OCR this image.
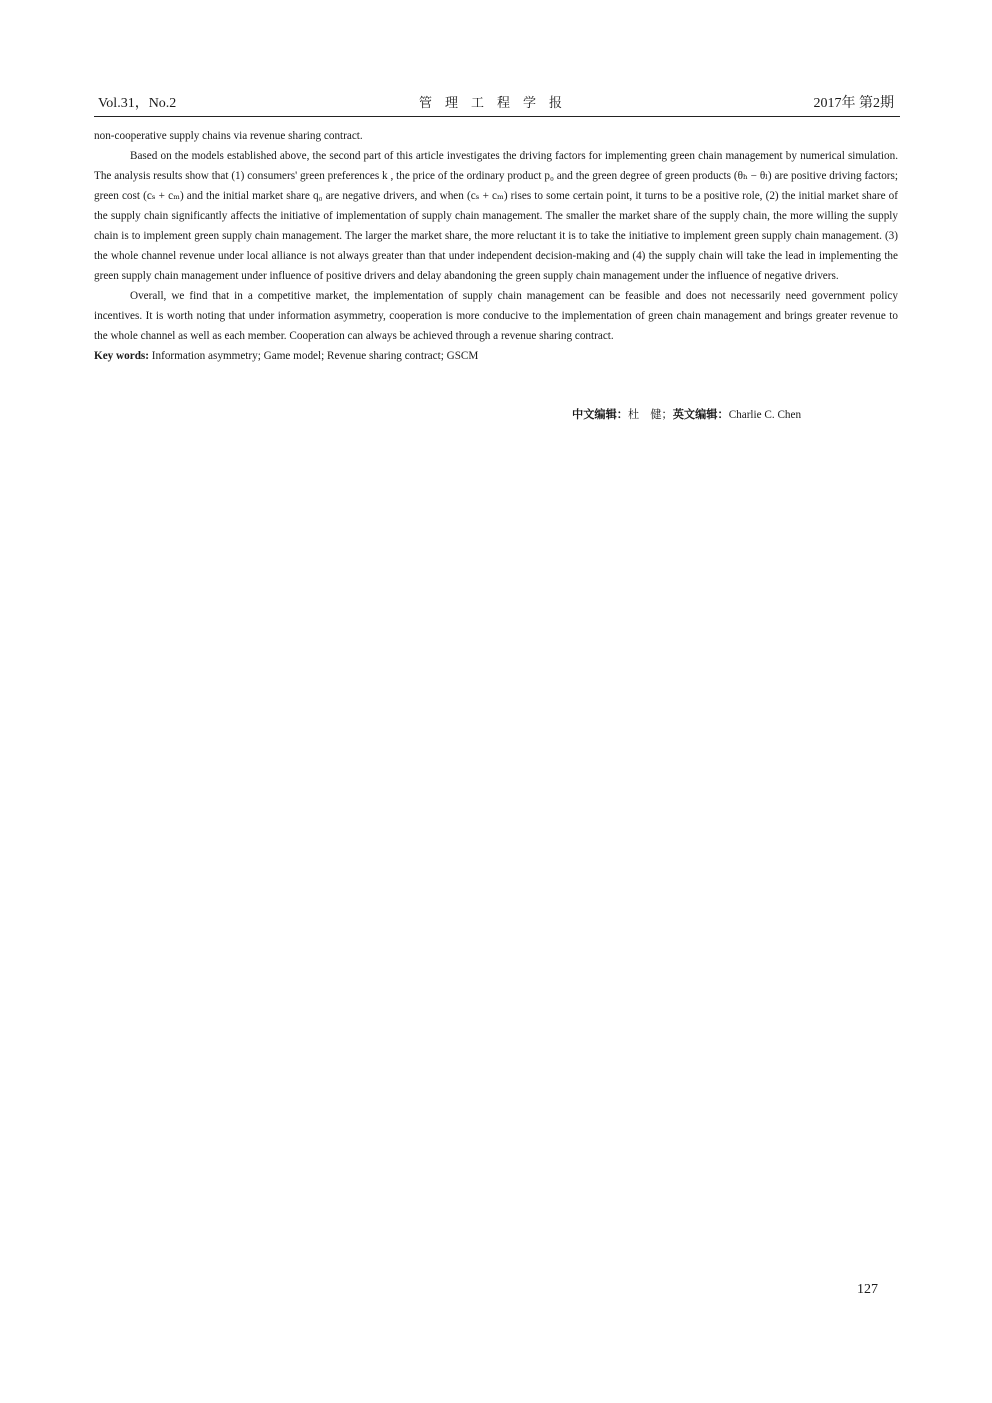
Vol.31，No.2	管理工程学报	2017年 第2期

non-cooperative supply chains via revenue sharing contract.

Based on the models established above, the second part of this article investigates the driving factors for implementing green chain management by numerical simulation. The analysis results show that (1) consumers' green preferences k , the price of the ordinary product p₀ and the green degree of green products (θₕ − θₗ) are positive driving factors; green cost (cₛ + cₘ) and the initial market share q₀ are negative drivers, and when (cₛ + cₘ) rises to some certain point, it turns to be a positive role, (2) the initial market share of the supply chain significantly affects the initiative of implementation of supply chain management. The smaller the market share of the supply chain, the more willing the supply chain is to implement green supply chain management. The larger the market share, the more reluctant it is to take the initiative to implement green supply chain management. (3) the whole channel revenue under local alliance is not always greater than that under independent decision-making and (4) the supply chain will take the lead in implementing the green supply chain management under influence of positive drivers and delay abandoning the green supply chain management under the influence of negative drivers.

Overall, we find that in a competitive market, the implementation of supply chain management can be feasible and does not necessarily need government policy incentives. It is worth noting that under information asymmetry, cooperation is more conducive to the implementation of green chain management and brings greater revenue to the whole channel as well as each member. Cooperation can always be achieved through a revenue sharing contract.

Key words: Information asymmetry; Game model; Revenue sharing contract; GSCM

中文编辑：杜　健；英文编辑：Charlie C. Chen
127
